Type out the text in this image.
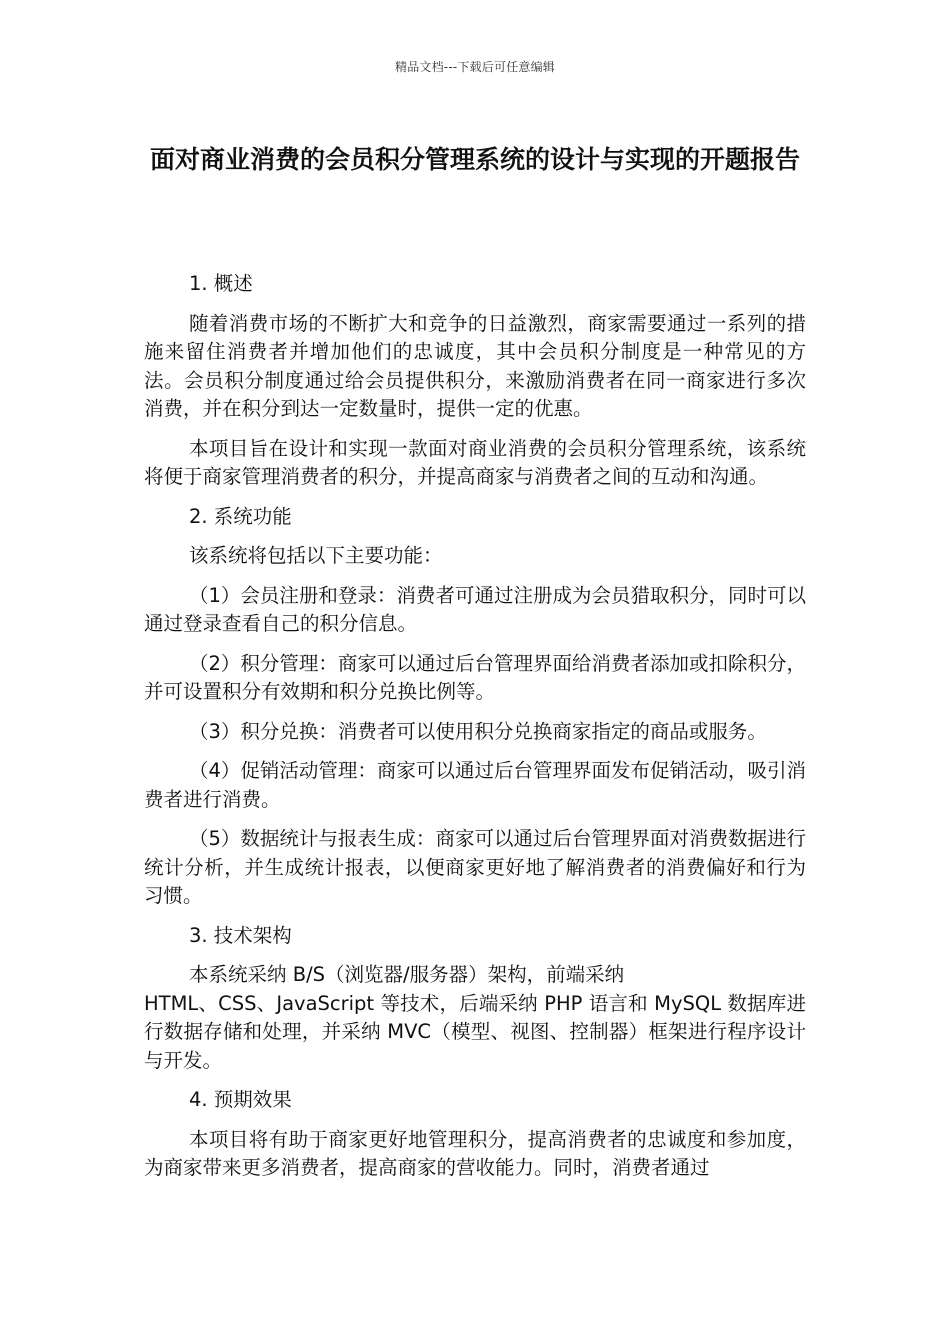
精品文档---下载后可任意编辑
面对商业消费的会员积分管理系统的设计与实现的开题报告

1. 概述

随着消费市场的不断扩大和竞争的日益激烈，商家需要通过一系列的措施来留住消费者并增加他们的忠诚度，其中会员积分制度是一种常见的方法。会员积分制度通过给会员提供积分，来激励消费者在同一商家进行多次消费，并在积分到达一定数量时，提供一定的优惠。

本项目旨在设计和实现一款面对商业消费的会员积分管理系统，该系统将便于商家管理消费者的积分，并提高商家与消费者之间的互动和沟通。

2. 系统功能

该系统将包括以下主要功能：

（1）会员注册和登录：消费者可通过注册成为会员猎取积分，同时可以通过登录查看自己的积分信息。

（2）积分管理：商家可以通过后台管理界面给消费者添加或扣除积分，并可设置积分有效期和积分兑换比例等。

（3）积分兑换：消费者可以使用积分兑换商家指定的商品或服务。

（4）促销活动管理：商家可以通过后台管理界面发布促销活动，吸引消费者进行消费。

（5）数据统计与报表生成：商家可以通过后台管理界面对消费数据进行统计分析，并生成统计报表，以便商家更好地了解消费者的消费偏好和行为习惯。

3. 技术架构

本系统采纳 B/S（浏览器/服务器）架构，前端采纳
HTML、CSS、JavaScript 等技术，后端采纳 PHP 语言和 MySQL 数据库进行数据存储和处理，并采纳 MVC（模型、视图、控制器）框架进行程序设计与开发。

4. 预期效果

本项目将有助于商家更好地管理积分，提高消费者的忠诚度和参加度，为商家带来更多消费者，提高商家的营收能力。同时，消费者通过
